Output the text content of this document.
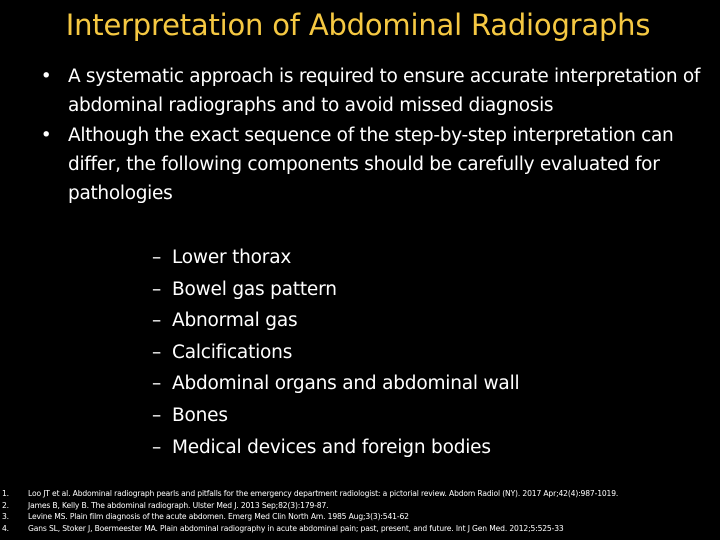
Interpretation of Abdominal Radiographs
• A systematic approach is required to ensure accurate interpretation of abdominal radiographs and to avoid missed diagnosis
• Although the exact sequence of the step-by-step interpretation can differ, the following components should be carefully evaluated for pathologies
– Lower thorax
– Bowel gas pattern
– Abnormal gas
– Calcifications
– Abdominal organs and abdominal wall
– Bones
– Medical devices and foreign bodies
1.	Loo JT et al. Abdominal radiograph pearls and pitfalls for the emergency department radiologist: a pictorial review. Abdom Radiol (NY). 2017 Apr;42(4):987-1019.
2.	James B, Kelly B. The abdominal radiograph. Ulster Med J. 2013 Sep;82(3):179-87.
3.	Levine MS. Plain film diagnosis of the acute abdomen. Emerg Med Clin North Am. 1985 Aug;3(3):541-62
4.	Gans SL, Stoker J, Boermeester MA. Plain abdominal radiography in acute abdominal pain; past, present, and future. Int J Gen Med. 2012;5:525-33
